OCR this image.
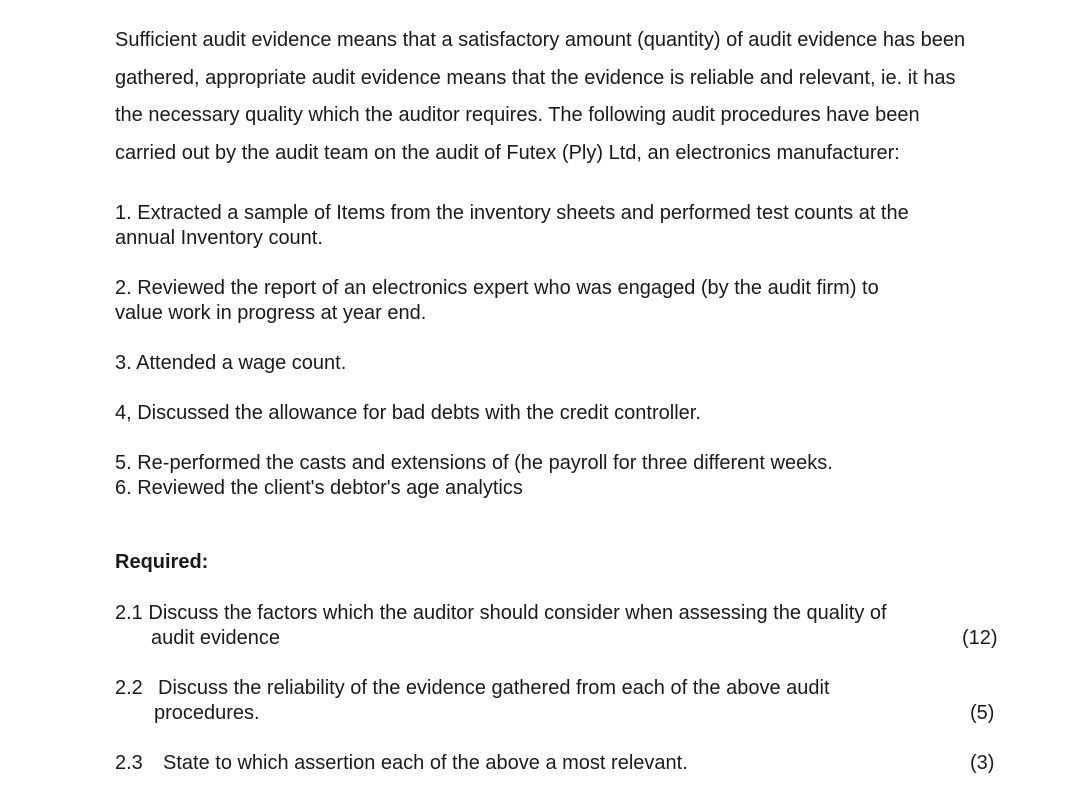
Sufficient audit evidence means that a satisfactory amount (quantity) of audit evidence has been

gathered, appropriate audit evidence means that the evidence is reliable and relevant, ie. it has

the necessary quality which the auditor requires. The following audit procedures have been

carried out by the audit team on the audit of Futex (Ply) Ltd, an electronics manufacturer:

1. Extracted a sample of Items from the inventory sheets and performed test counts at the

annual Inventory count.

2. Reviewed the report of an electronics expert who was engaged (by the audit firm) to

value work in progress at year end.

3. Attended a wage count.

4, Discussed the allowance for bad debts with the credit controller.

5. Re-performed the casts and extensions of (he payroll for three different weeks.

6. Reviewed the client's debtor's age analytics

Required:

2.1 Discuss the factors which the auditor should consider when assessing the quality of

audit evidence	(12)

2.2 Discuss the reliability of the evidence gathered from each of the above audit

procedures.	(5)

2.3 State to which assertion each of the above a most relevant.	(3)
